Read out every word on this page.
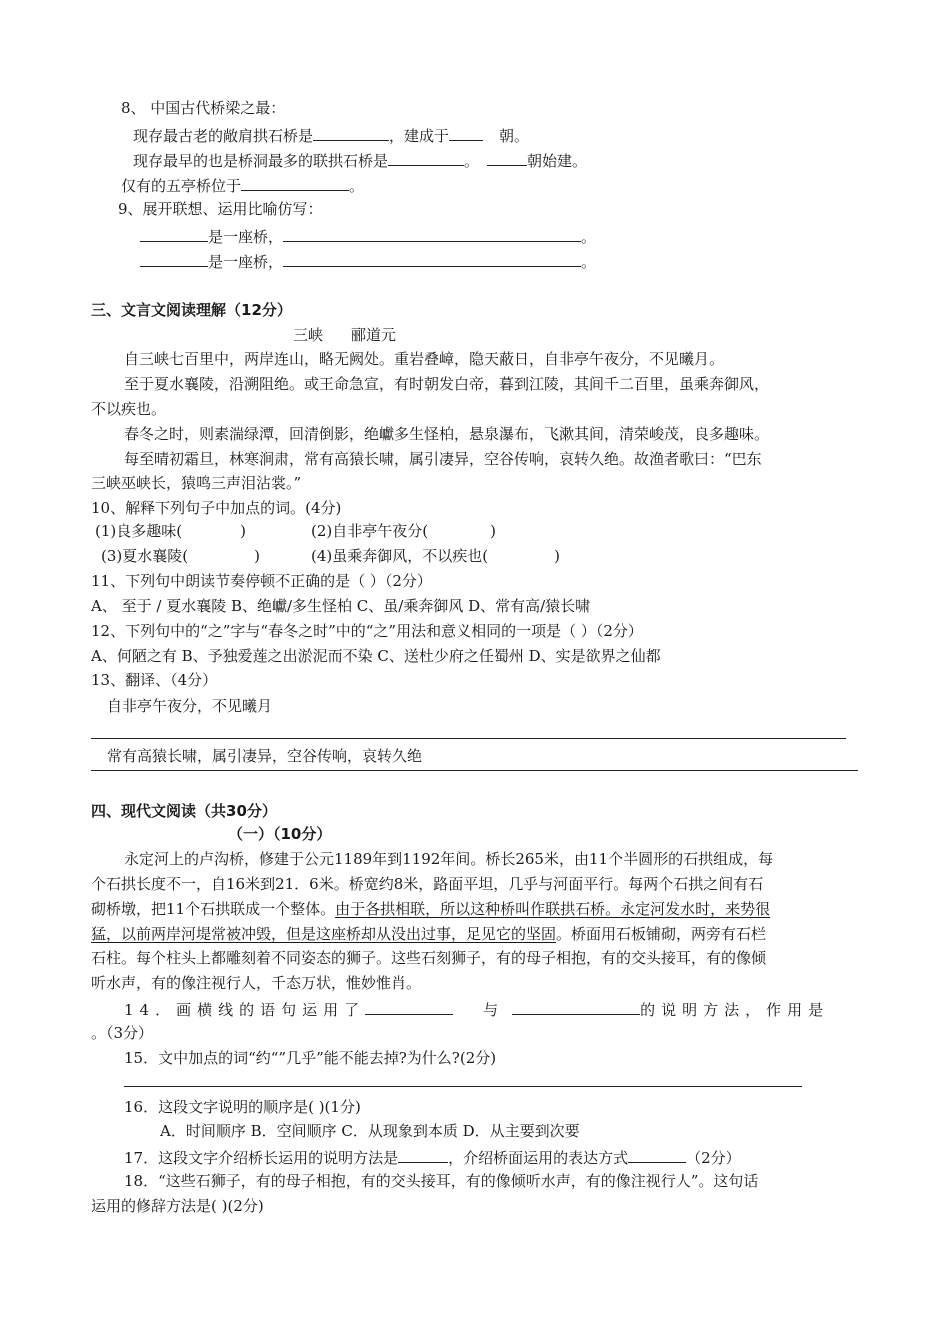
8、 中国古代桥梁之最：
现存最古老的敞肩拱石桥是	，建成于	朝。
现存最早的也是桥洞最多的联拱石桥是	。	朝始建。
仅有的五亭桥位于	。
9、展开联想、运用比喻仿写：
是一座桥，	。
是一座桥，	。
三、文言文阅读理解（12分）
三峡 郦道元
自三峡七百里中，两岸连山，略无阙处。重岩叠嶂，隐天蔽日，自非亭午夜分，不见曦月。
至于夏水襄陵，沿溯阻绝。或王命急宣，有时朝发白帝，暮到江陵，其间千二百里，虽乘奔御风，
不以疾也。
春冬之时，则素湍绿潭，回清倒影，绝巘多生怪柏，悬泉瀑布，飞漱其间，清荣峻茂，良多趣味。
每至晴初霜旦，林寒涧肃，常有高猿长啸，属引凄异，空谷传响，哀转久绝。故渔者歌曰：“巴东
三峡巫峡长，猿鸣三声泪沾裳。”
10、解释下列句子中加点的词。(4分)
(1)良多趣味(	)	(2)自非亭午夜分(	)
(3)夏水襄陵(	)	(4)虽乘奔御风，不以疾也(	)
11、下列句中朗读节奏停顿不正确的是（ ）（2分）
A、 至于 / 夏水襄陵 B、绝巘/多生怪柏 C、虽/乘奔御风 D、常有高/猿长啸
12、下列句中的“之”字与“春冬之时”中的“之”用法和意义相同的一项是（ ）（2分）
A、何陋之有 B、予独爱莲之出淤泥而不染 C、送杜少府之任蜀州 D、实是欲界之仙都
13、翻译、（4分）
自非亭午夜分，不见曦月
常有高猿长啸，属引凄异，空谷传响，哀转久绝
四、现代文阅读（共30分）
（一）（10分）
永定河上的卢沟桥，修建于公元1189年到1192年间。桥长265米，由11个半圆形的石拱组成，每
个石拱长度不一，自16米到21．6米。桥宽约8米，路面平坦，几乎与河面平行。每两个石拱之间有石
砌桥墩，把11个石拱联成一个整体。由于各拱相联，所以这种桥叫作联拱石桥。永定河发水时，来势很
猛，以前两岸河堤常被冲毁，但是这座桥却从没出过事，足见它的坚固。桥面用石板铺砌，两旁有石栏
石柱。每个柱头上都雕刻着不同姿态的狮子。这些石刻狮子，有的母子相抱，有的交头接耳，有的像倾
听水声，有的像注视行人，千态万状，惟妙惟肖。
14．画横线的语句运用了	与	的说明方法，作用是
。（3分）
15．文中加点的词“约“”几乎”能不能去掉?为什么?(2分)
16．这段文字说明的顺序是( )(1分)
A．时间顺序 B．空间顺序 C．从现象到本质 D．从主要到次要
17．这段文字介绍桥长运用的说明方法是	，介绍桥面运用的表达方式	（2分）
18．“这些石狮子，有的母子相抱，有的交头接耳，有的像倾听水声，有的像注视行人”。这句话
运用的修辞方法是( )(2分)
